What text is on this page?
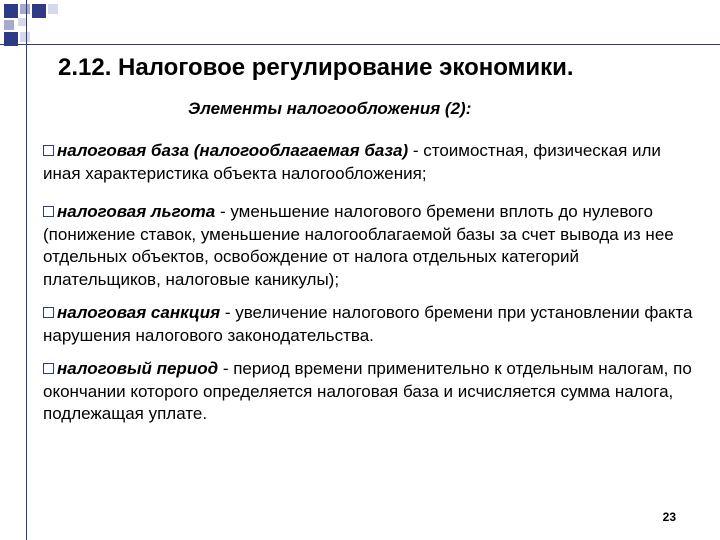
2.12. Налоговое регулирование экономики.
Элементы налогообложения (2):
налоговая база (налогооблагаемая база) - стоимостная, физическая или иная характеристика объекта налогообложения;
налоговая льгота - уменьшение налогового бремени вплоть до нулевого (понижение ставок, уменьшение налогооблагаемой базы за счет вывода из нее отдельных объектов, освобождение от налога отдельных категорий плательщиков, налоговые каникулы);
налоговая санкция - увеличение налогового бремени при установлении факта нарушения налогового законодательства.
налоговый период - период времени применительно к отдельным налогам, по окончании которого определяется налоговая база и исчисляется сумма налога, подлежащая уплате.
23
